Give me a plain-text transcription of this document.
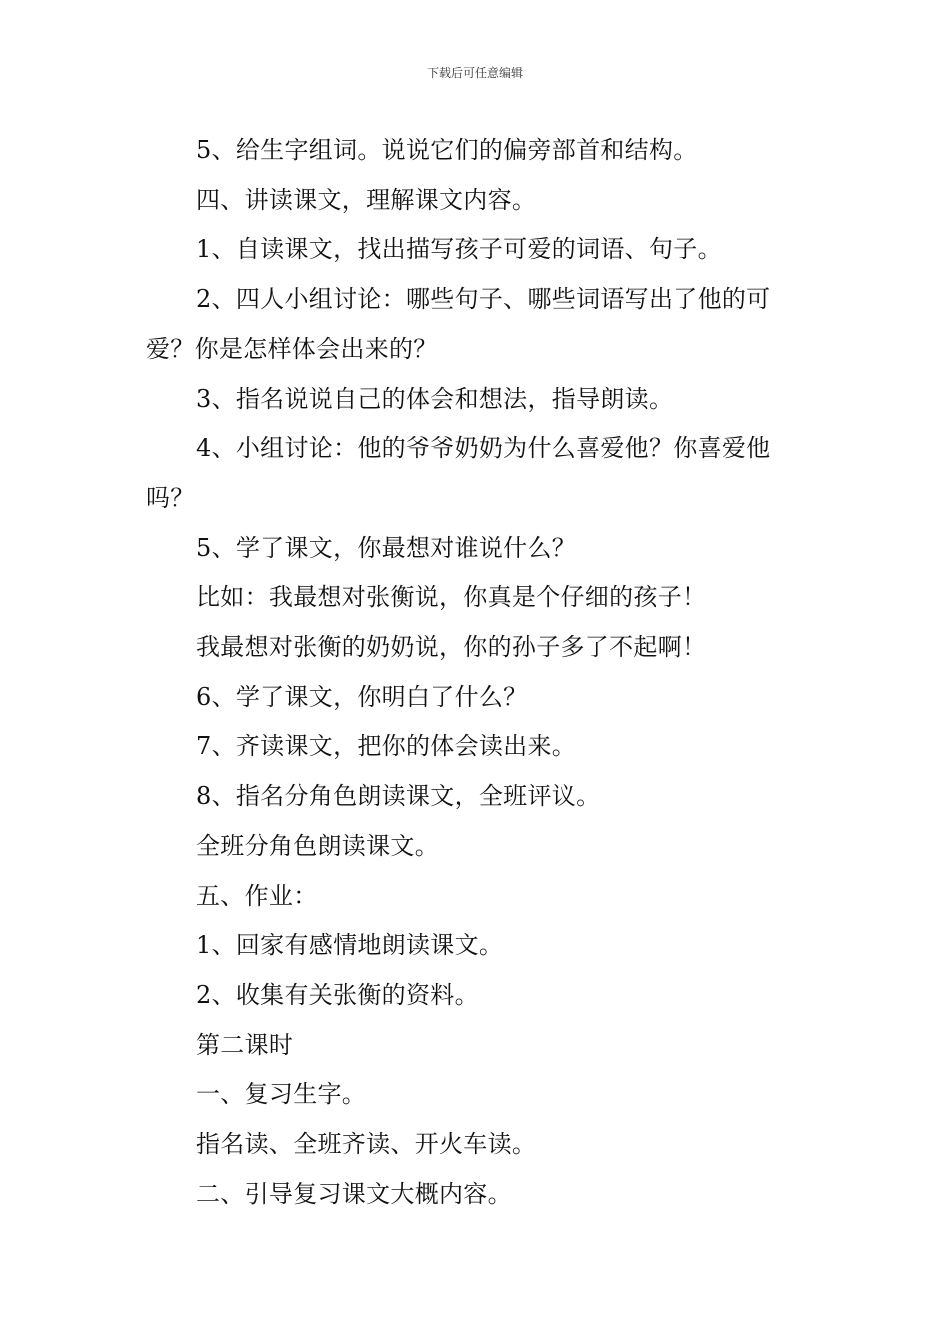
下载后可任意编辑

5、给生字组词。说说它们的偏旁部首和结构。

四、讲读课文，理解课文内容。

1、自读课文，找出描写孩子可爱的词语、句子。

2、四人小组讨论：哪些句子、哪些词语写出了他的可爱？你是怎样体会出来的？

3、指名说说自己的体会和想法，指导朗读。

4、小组讨论：他的爷爷奶奶为什么喜爱他？你喜爱他吗？

5、学了课文，你最想对谁说什么？

比如：我最想对张衡说，你真是个仔细的孩子！

我最想对张衡的奶奶说，你的孙子多了不起啊！

6、学了课文，你明白了什么？

7、齐读课文，把你的体会读出来。

8、指名分角色朗读课文，全班评议。

全班分角色朗读课文。

五、作业：

1、回家有感情地朗读课文。

2、收集有关张衡的资料。

第二课时

一、复习生字。

指名读、全班齐读、开火车读。

二、引导复习课文大概内容。
